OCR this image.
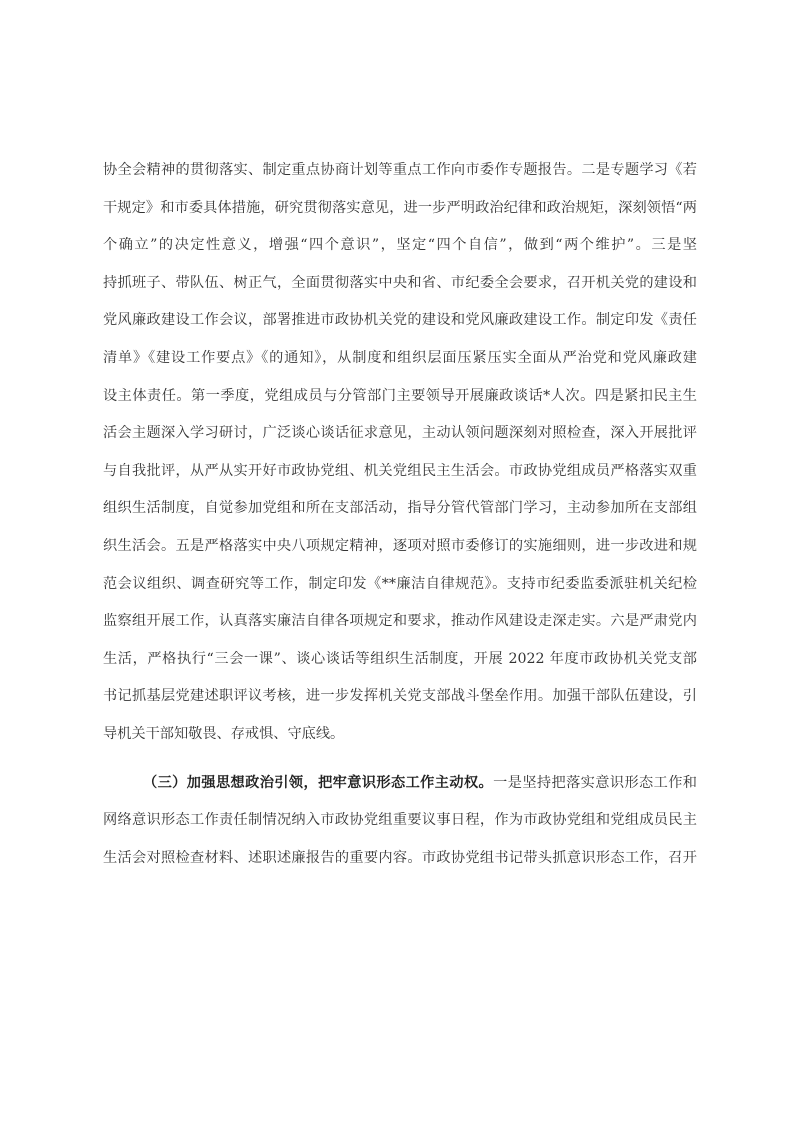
协全会精神的贯彻落实、制定重点协商计划等重点工作向市委作专题报告。二是专题学习《若
干规定》和市委具体措施，研究贯彻落实意见，进一步严明政治纪律和政治规矩，深刻领悟“两
个确立”的决定性意义，增强“四个意识”，坚定“四个自信”，做到“两个维护”。三是坚
持抓班子、带队伍、树正气，全面贯彻落实中央和省、市纪委全会要求，召开机关党的建设和
党风廉政建设工作会议，部署推进市政协机关党的建设和党风廉政建设工作。制定印发《责任
清单》《建设工作要点》《的通知》，从制度和组织层面压紧压实全面从严治党和党风廉政建
设主体责任。第一季度，党组成员与分管部门主要领导开展廉政谈话*人次。四是紧扣民主生
活会主题深入学习研讨，广泛谈心谈话征求意见，主动认领问题深刻对照检查，深入开展批评
与自我批评，从严从实开好市政协党组、机关党组民主生活会。市政协党组成员严格落实双重
组织生活制度，自觉参加党组和所在支部活动，指导分管代管部门学习，主动参加所在支部组
织生活会。五是严格落实中央八项规定精神，逐项对照市委修订的实施细则，进一步改进和规
范会议组织、调查研究等工作，制定印发《**廉洁自律规范》。支持市纪委监委派驻机关纪检
监察组开展工作，认真落实廉洁自律各项规定和要求，推动作风建设走深走实。六是严肃党内
生活，严格执行“三会一课”、谈心谈话等组织生活制度，开展 2022 年度市政协机关党支部
书记抓基层党建述职评议考核，进一步发挥机关党支部战斗堡垒作用。加强干部队伍建设，引
导机关干部知敬畏、存戒惧、守底线。
（三）加强思想政治引领，把牢意识形态工作主动权。一是坚持把落实意识形态工作和
网络意识形态工作责任制情况纳入市政协党组重要议事日程，作为市政协党组和党组成员民主
生活会对照检查材料、述职述廉报告的重要内容。市政协党组书记带头抓意识形态工作，召开
